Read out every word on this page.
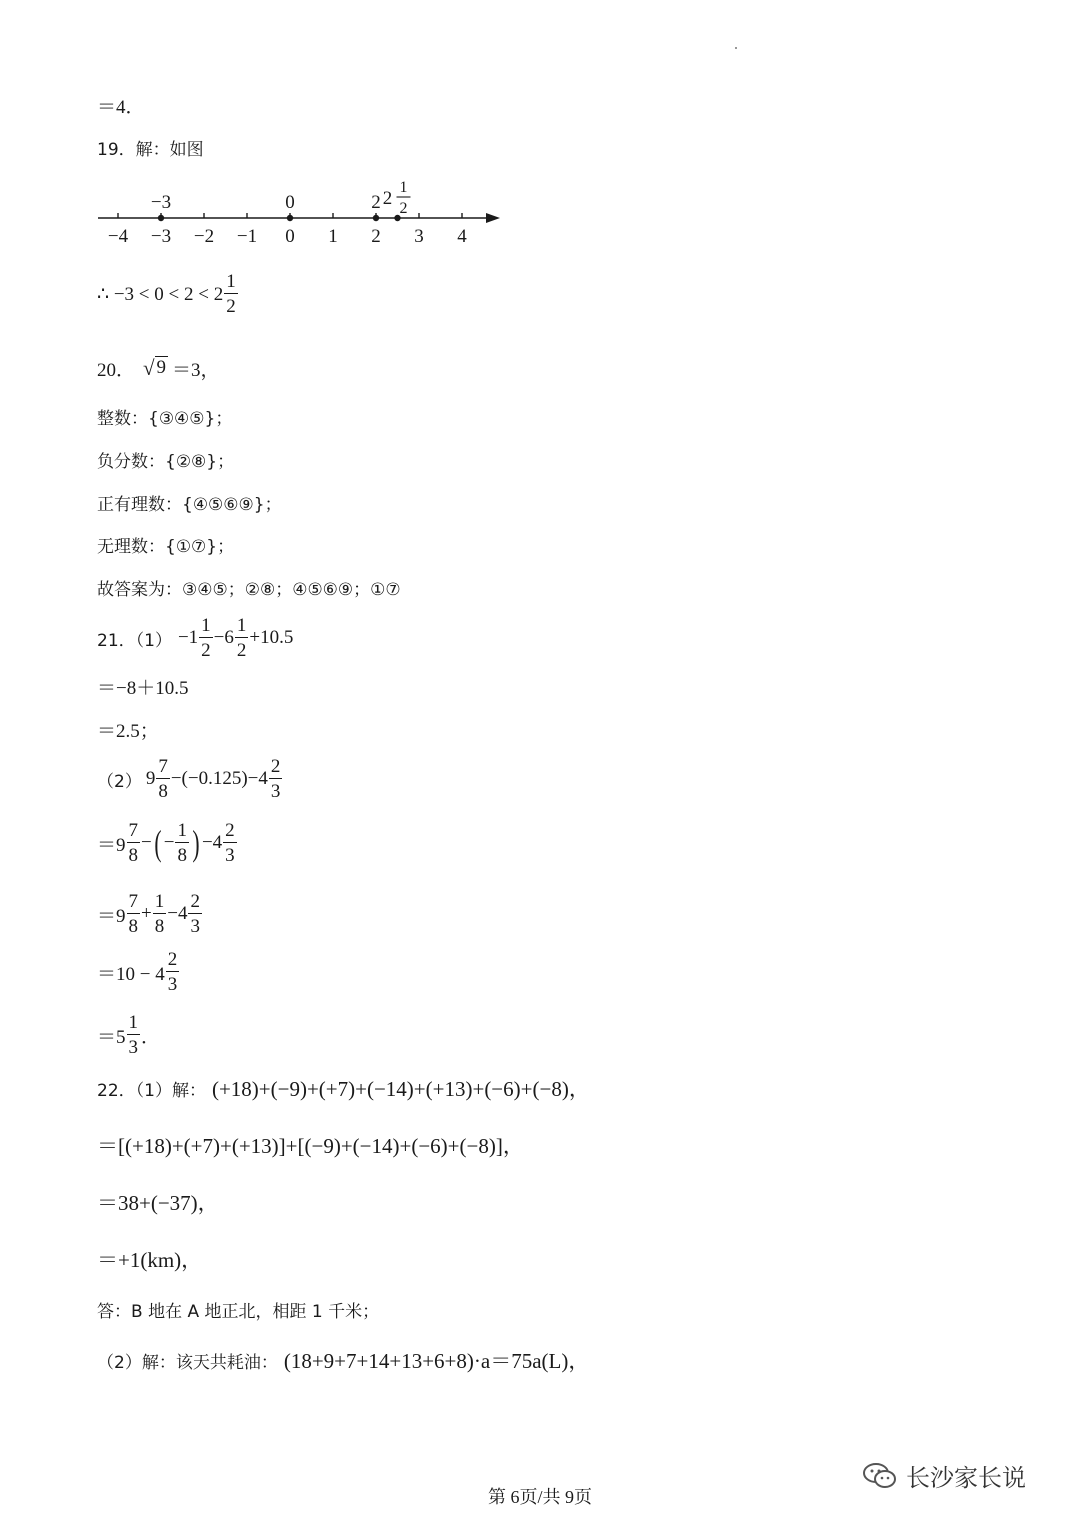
＝4．
19．解：如图
−4 −3 −2 −1 0 1 2 3 4
−3	0	2 2
1
2
∴ $-3 < 0 < 2 < 2 \frac{1}{2}$
20． √ 9 ＝3，
整数：{③④⑤}；
负分数：{②⑧}；
正有理数：{④⑤⑥⑨}；
无理数：{①⑦}；
故答案为：③④⑤；②⑧；④⑤⑥⑨；①⑦
21．$(1) -1 \frac{1}{2} -6 \frac{1}{2} +10.5$
＝−8＋10.5
＝2.5；
（2） $9 \frac{7}{8} -(-0.125)-4 \frac{2}{3}$
$=9 \frac{7}{8}$ − ( − $\frac{1}{8}$ ) $-4 \frac{2}{3}$
$=9 \frac{7}{8} + \frac{1}{8} -4 \frac{2}{3}$
$=10 - 4 \frac{2}{3}$
$=5 \frac{1}{3}$ ．
22．（1）解： (+18)+(−9)+(+7)+(−14)+(+13)+(−6)+(−8)，
＝[(+18)+(+7)+(+13)]+[(−9)+(−14)+(−6)+(−8)]，
＝38+(−37)，
＝+1(km)，
答：B 地在 A 地正北，相距 1 千米；
（2）解：该天共耗油： (18+9+7+14+13+6+8)·a＝75a(L)，
第 6页/共 9页
长沙家长说
